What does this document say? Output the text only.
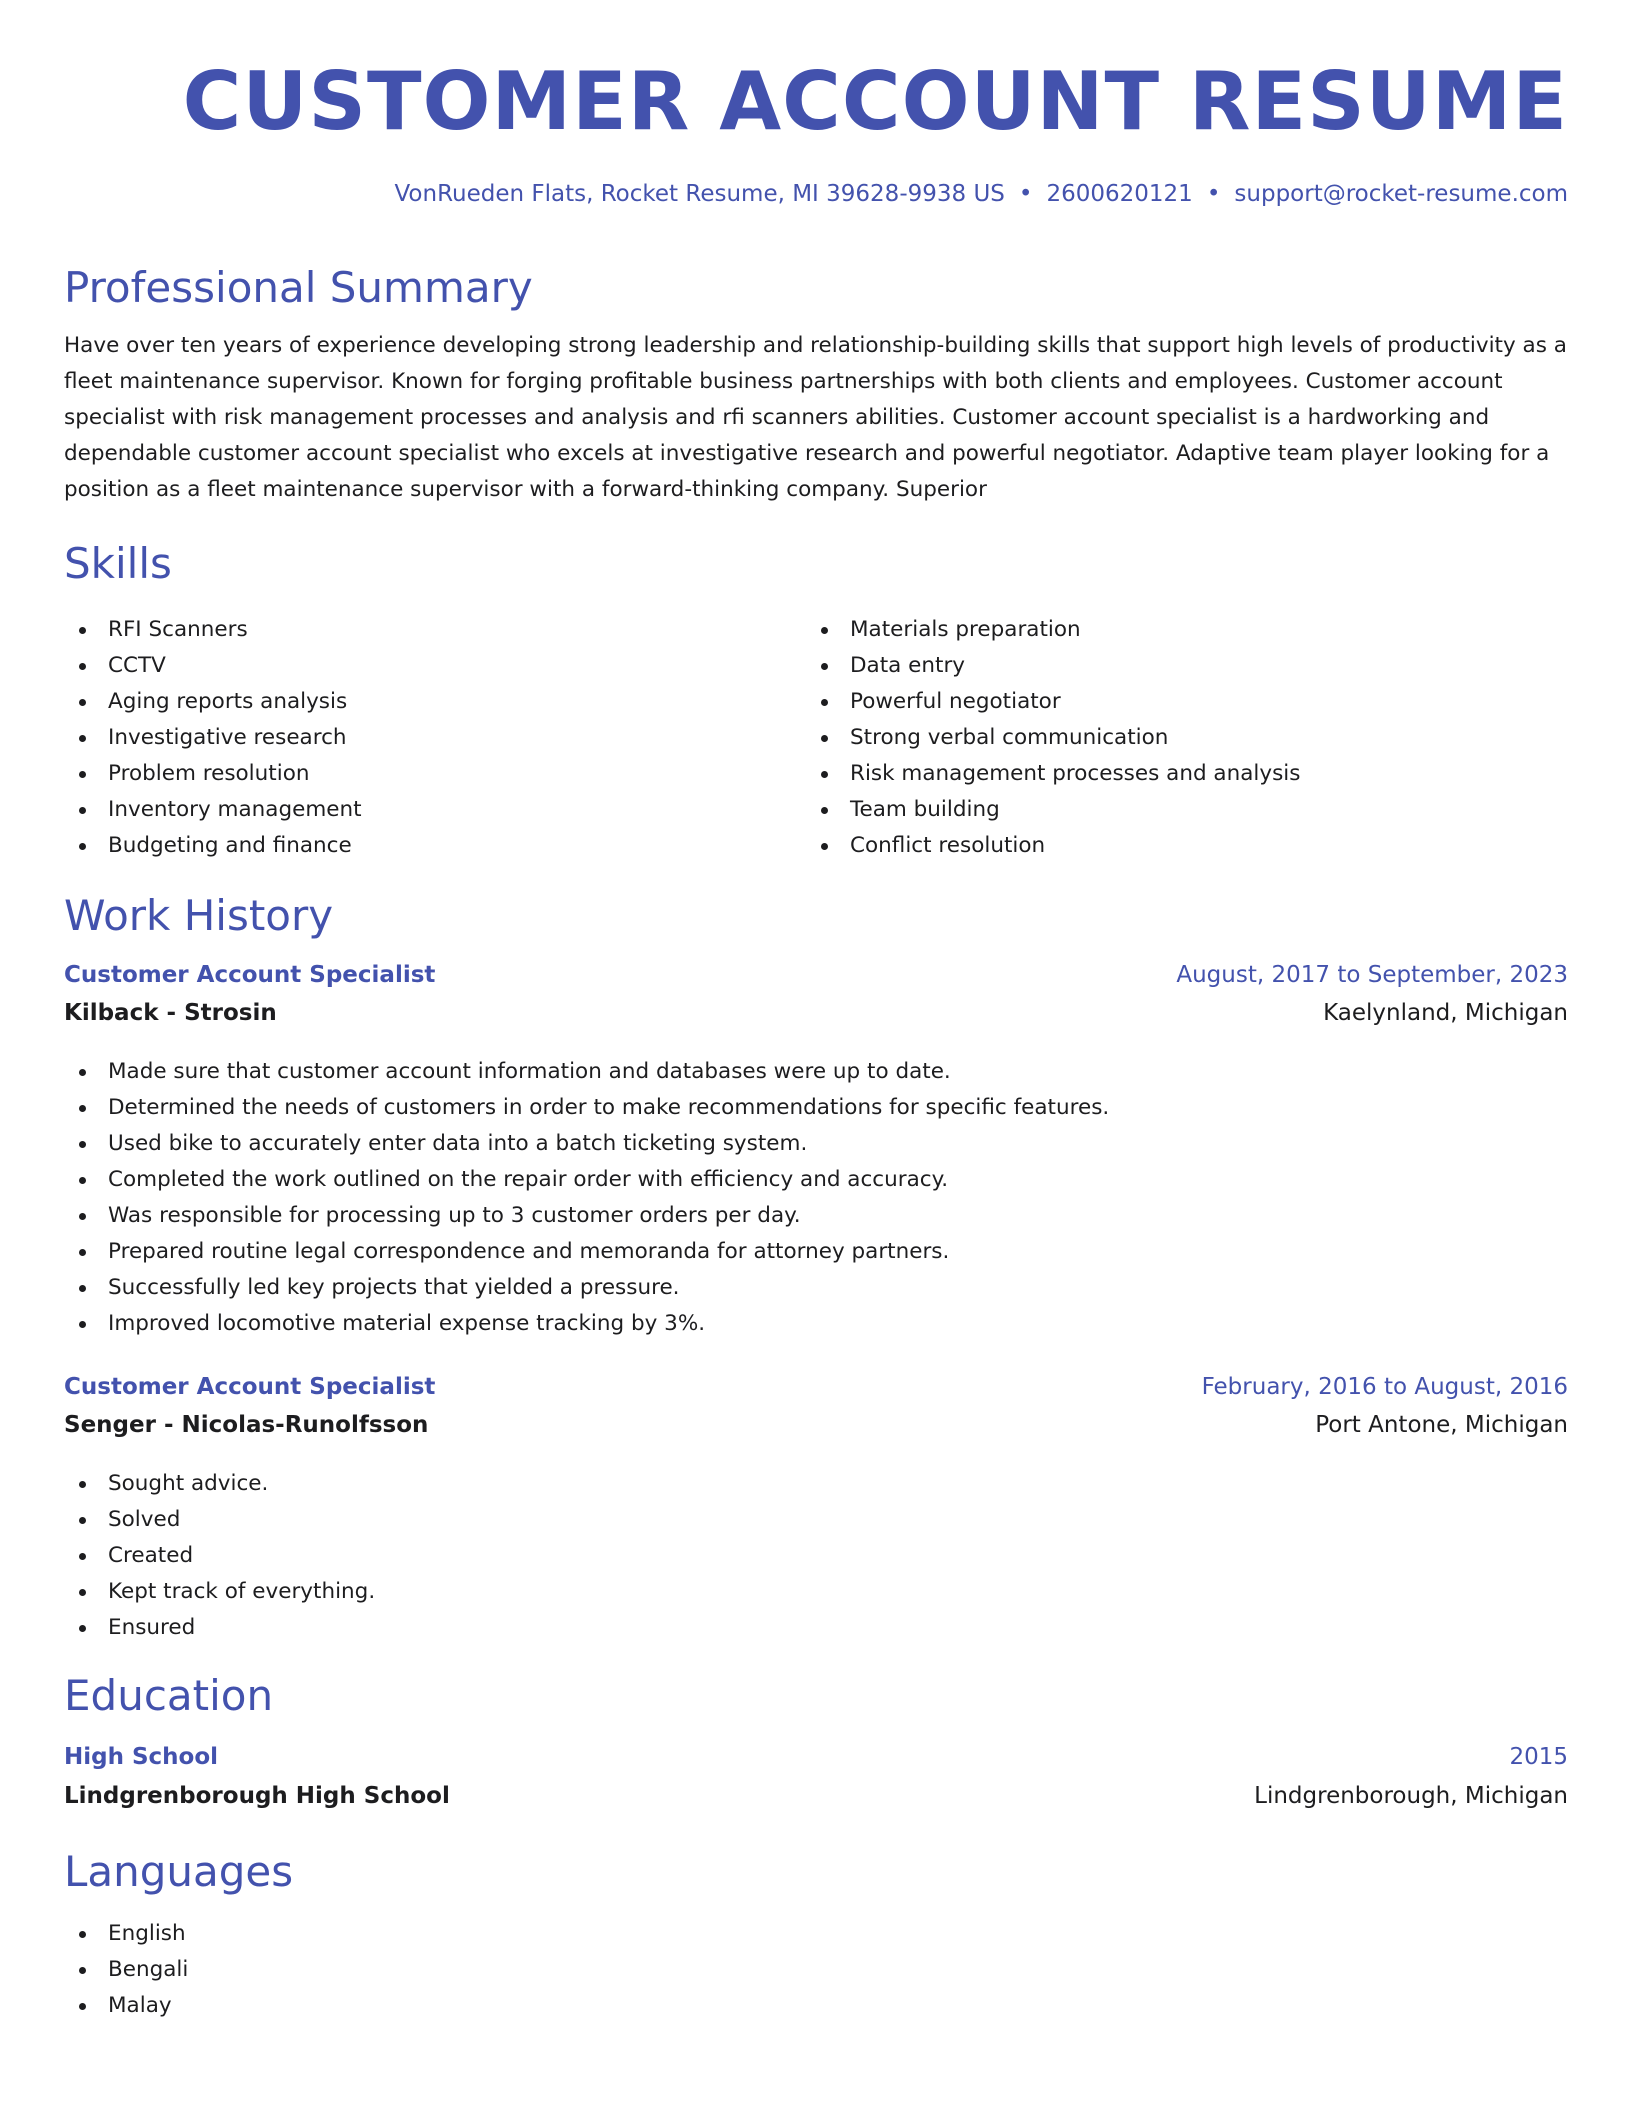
CUSTOMER ACCOUNT RESUME
VonRueden Flats, Rocket Resume, MI 39628-9938 US • 2600620121 • support@rocket-resume.com
Professional Summary

Have over ten years of experience developing strong leadership and relationship-building skills that support high levels of productivity as a fleet maintenance supervisor. Known for forging profitable business partnerships with both clients and employees. Customer account specialist with risk management processes and analysis and rfi scanners abilities. Customer account specialist is a hardworking and dependable customer account specialist who excels at investigative research and powerful negotiator. Adaptive team player looking for a position as a fleet maintenance supervisor with a forward-thinking company. Superior

Skills
RFI Scanners
CCTV
Aging reports analysis
Investigative research
Problem resolution
Inventory management
Budgeting and finance
Materials preparation
Data entry
Powerful negotiator
Strong verbal communication
Risk management processes and analysis
Team building
Conflict resolution
Work History
Customer Account Specialist	August, 2017 to September, 2023
Kilback - Strosin	Kaelynland, Michigan
Made sure that customer account information and databases were up to date.
Determined the needs of customers in order to make recommendations for specific features.
Used bike to accurately enter data into a batch ticketing system.
Completed the work outlined on the repair order with efficiency and accuracy.
Was responsible for processing up to 3 customer orders per day.
Prepared routine legal correspondence and memoranda for attorney partners.
Successfully led key projects that yielded a pressure.
Improved locomotive material expense tracking by 3%.
Customer Account Specialist	February, 2016 to August, 2016
Senger - Nicolas-Runolfsson	Port Antone, Michigan
Sought advice.
Solved
Created
Kept track of everything.
Ensured
Education
High School	2015
Lindgrenborough High School	Lindgrenborough, Michigan
Languages
English
Bengali
Malay
